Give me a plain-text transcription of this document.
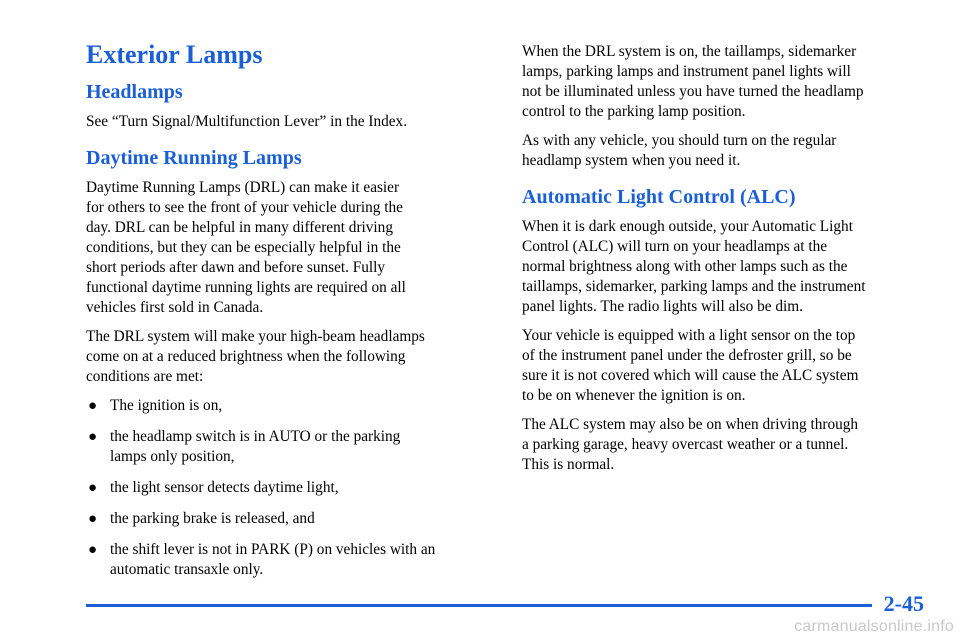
Exterior Lamps
Headlamps

See “Turn Signal/Multifunction Lever” in the Index.

Daytime Running Lamps

Daytime Running Lamps (DRL) can make it easier
for others to see the front of your vehicle during the
day. DRL can be helpful in many different driving
conditions, but they can be especially helpful in the
short periods after dawn and before sunset. Fully
functional daytime running lights are required on all
vehicles first sold in Canada.

The DRL system will make your high‑beam headlamps
come on at a reduced brightness when the following
conditions are met:

● The ignition is on,
● the headlamp switch is in AUTO or the parking
lamps only position,
● the light sensor detects daytime light,
● the parking brake is released, and
● the shift lever is not in PARK (P) on vehicles with an
automatic transaxle only.

When the DRL system is on, the taillamps, sidemarker
lamps, parking lamps and instrument panel lights will
not be illuminated unless you have turned the headlamp
control to the parking lamp position.

As with any vehicle, you should turn on the regular
headlamp system when you need it.

Automatic Light Control (ALC)

When it is dark enough outside, your Automatic Light
Control (ALC) will turn on your headlamps at the
normal brightness along with other lamps such as the
taillamps, sidemarker, parking lamps and the instrument
panel lights. The radio lights will also be dim.

Your vehicle is equipped with a light sensor on the top
of the instrument panel under the defroster grill, so be
sure it is not covered which will cause the ALC system
to be on whenever the ignition is on.

The ALC system may also be on when driving through
a parking garage, heavy overcast weather or a tunnel.
This is normal.

2-45
carmanualsonline.info
